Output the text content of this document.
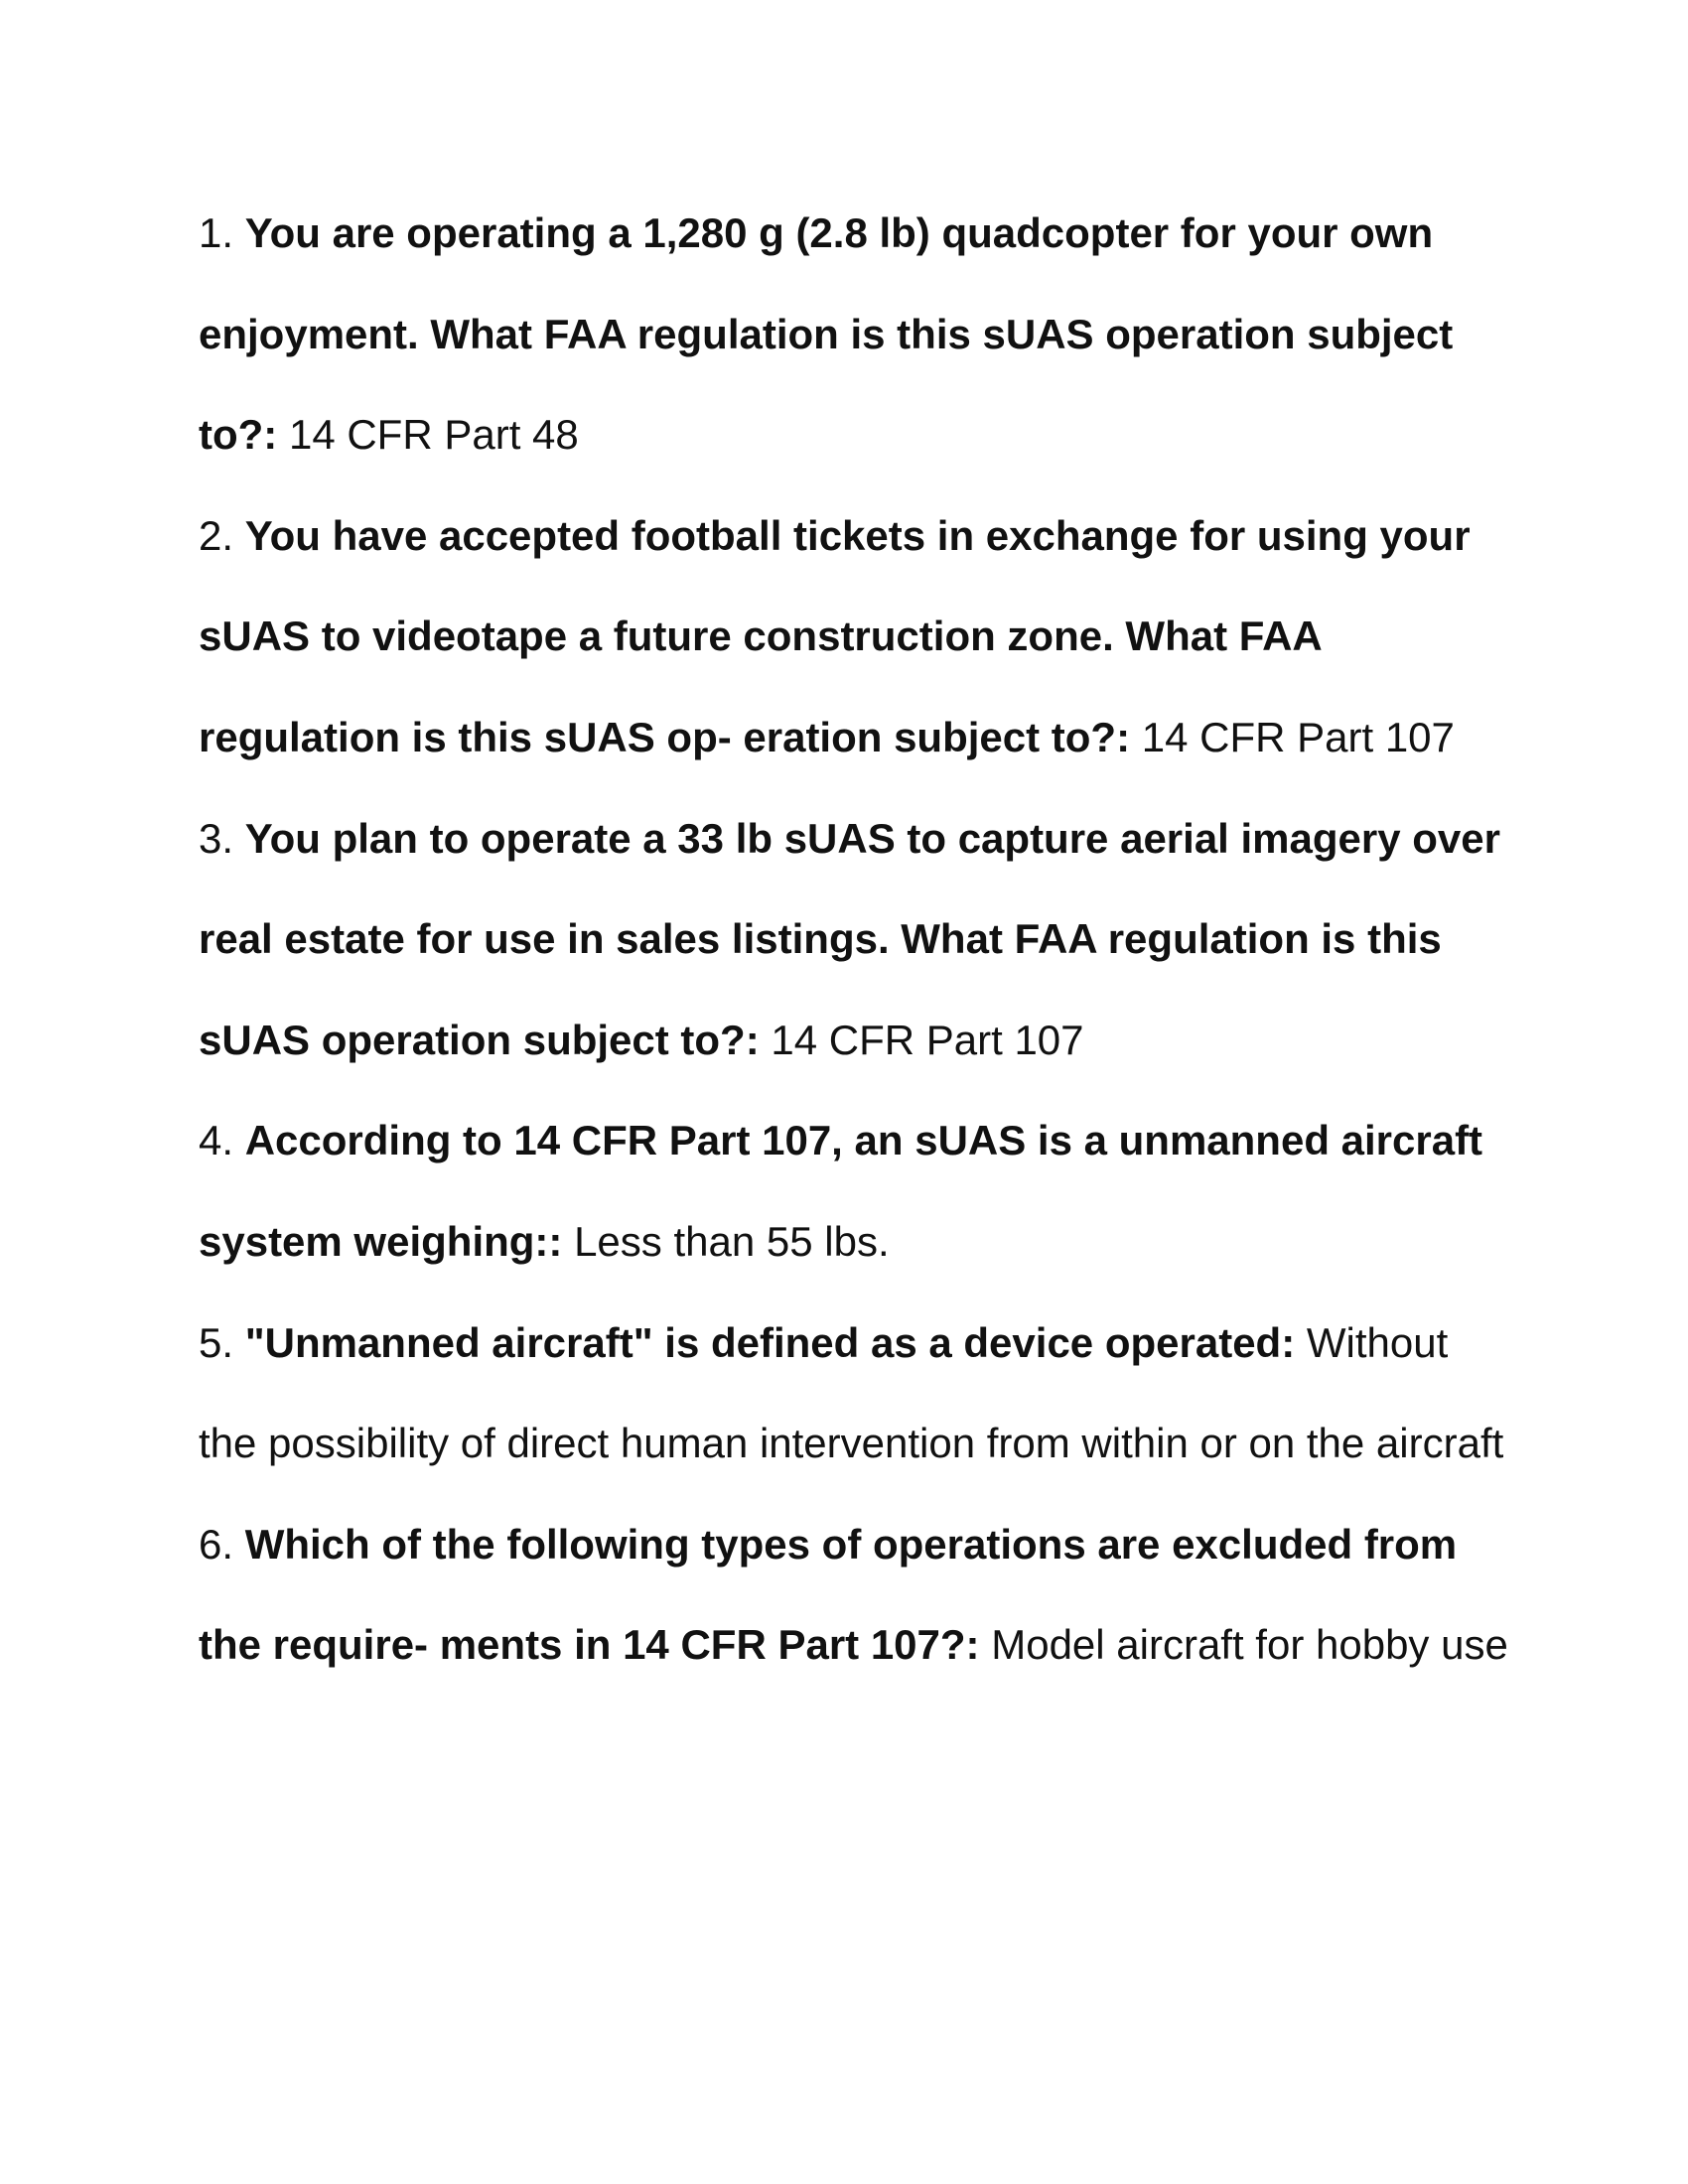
1. You are operating a 1,280 g (2.8 lb) quadcopter for your own enjoyment. What FAA regulation is this sUAS operation subject to?: 14 CFR Part 48

2. You have accepted football tickets in exchange for using your sUAS to videotape a future construction zone. What FAA regulation is this sUAS op- eration subject to?: 14 CFR Part 107

3. You plan to operate a 33 lb sUAS to capture aerial imagery over real estate for use in sales listings. What FAA regulation is this sUAS operation subject to?: 14 CFR Part 107

4. According to 14 CFR Part 107, an sUAS is a unmanned aircraft system weighing:: Less than 55 lbs.

5. "Unmanned aircraft" is defined as a device operated: Without the possibility of direct human intervention from within or on the aircraft

6. Which of the following types of operations are excluded from the require- ments in 14 CFR Part 107?: Model aircraft for hobby use
